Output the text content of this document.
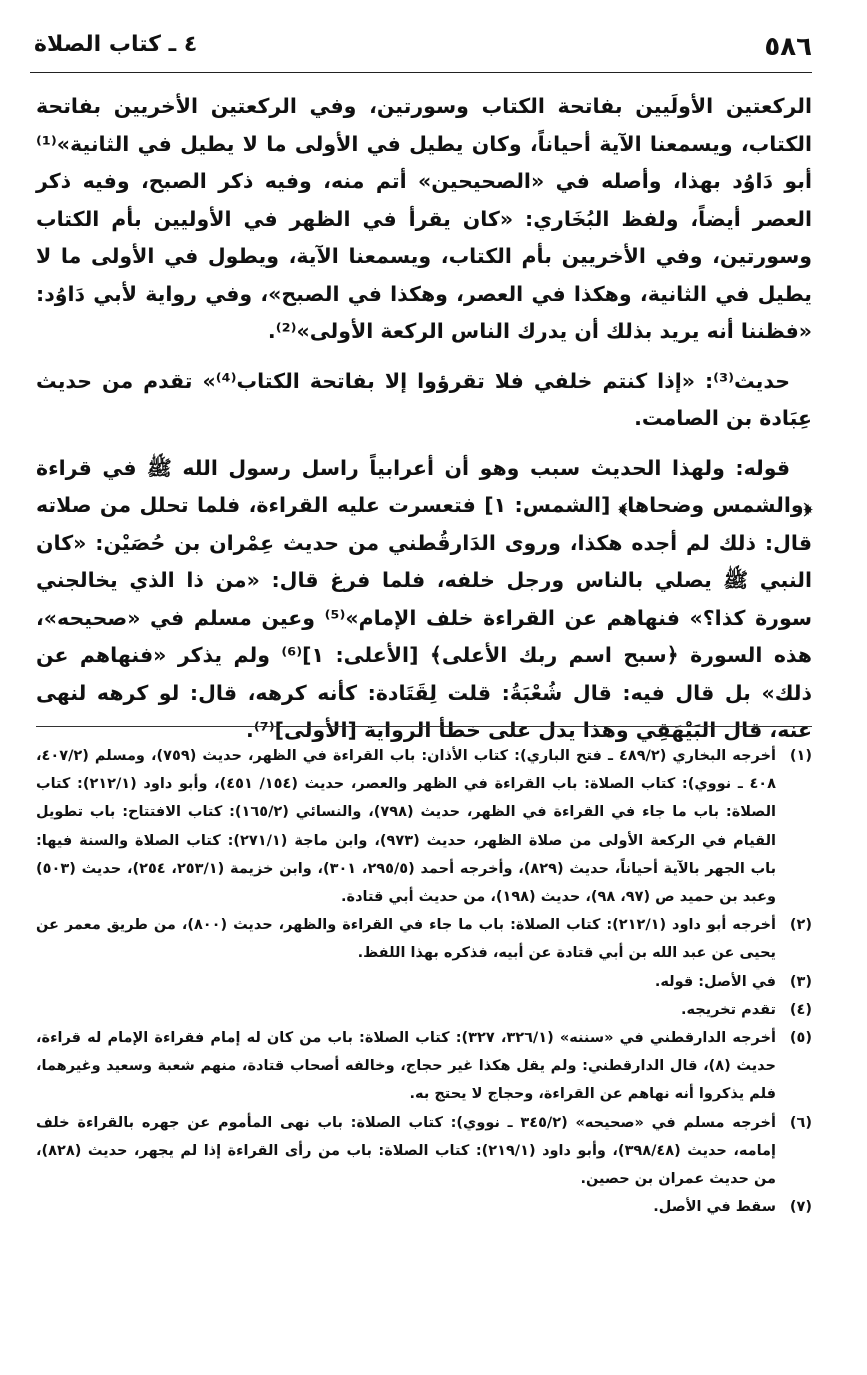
٥٨٦
٤ ـ كتاب الصلاة

الركعتين الأولَيين بفاتحة الكتاب وسورتين، وفي الركعتين الأخريين بفاتحة الكتاب، ويسمعنا الآية أحياناً، وكان يطيل في الأولى ما لا يطيل في الثانية»⁽¹⁾ أبو دَاوُد بهذا، وأصله في «الصحيحين» أتم منه، وفيه ذكر الصبح، وفيه ذكر العصر أيضاً، ولفظ البُخَاري: «كان يقرأ في الظهر في الأوليين بأم الكتاب وسورتين، وفي الأخريين بأم الكتاب، ويسمعنا الآية، ويطول في الأولى ما لا يطيل في الثانية، وهكذا في العصر، وهكذا في الصبح»، وفي رواية لأبي دَاوُد: «فظننا أنه يريد بذلك أن يدرك الناس الركعة الأولى»⁽²⁾.

حديث⁽³⁾: «إذا كنتم خلفي فلا تقرؤوا إلا بفاتحة الكتاب⁽⁴⁾» تقدم من حديث عِبَادة بن الصامت.

قوله: ولهذا الحديث سبب وهو أن أعرابياً راسل رسول الله ﷺ في قراءة ﴿والشمس وضحاها﴾ [الشمس: ١] فتعسرت عليه القراءة، فلما تحلل من صلاته قال: ذلك لم أجده هكذا، وروى الدَارقُطني من حديث عِمْران بن حُصَيْن: «كان النبي ﷺ يصلي بالناس ورجل خلفه، فلما فرغ قال: «من ذا الذي يخالجني سورة كذا؟» فنهاهم عن القراءة خلف الإمام»⁽⁵⁾ وعين مسلم في «صحيحه»، هذه السورة ﴿سبح اسم ربك الأعلى﴾ [الأعلى: ١]⁽⁶⁾ ولم يذكر «فنهاهم عن ذلك» بل قال فيه: قال شُعْبَةُ: قلت لِقَتَادة: كأنه كرهه، قال: لو كرهه لنهى عنه، قال البَيْهَقِي وهذا يدل على خطأ الرواية [الأولى]⁽⁷⁾.

(١)
أخرجه البخاري (٤٨٩/٢ ـ فتح الباري): كتاب الأذان: باب القراءة في الظهر، حديث (٧٥٩)، ومسلم (٤٠٧/٢، ٤٠٨ ـ نووي): كتاب الصلاة: باب القراءة في الظهر والعصر، حديث (١٥٤/ ٤٥١)، وأبو داود (٢١٢/١): كتاب الصلاة: باب ما جاء في القراءة في الظهر، حديث (٧٩٨)، والنسائي (١٦٥/٢): كتاب الافتتاح: باب تطويل القيام في الركعة الأولى من صلاة الظهر، حديث (٩٧٣)، وابن ماجة (٢٧١/١): كتاب الصلاة والسنة فيها: باب الجهر بالآية أحياناً، حديث (٨٢٩)، وأخرجه أحمد (٢٩٥/٥، ٣٠١)، وابن خزيمة (٢٥٣/١، ٢٥٤)، حديث (٥٠٣) وعبد بن حميد ص (٩٧، ٩٨)، حديث (١٩٨)، من حديث أبي قتادة.
(٢)
أخرجه أبو داود (٢١٢/١): كتاب الصلاة: باب ما جاء في القراءة والظهر، حديث (٨٠٠)، من طريق معمر عن يحيى عن عبد الله بن أبي قتادة عن أبيه، فذكره بهذا اللفظ.
(٣)
في الأصل: قوله.
(٤)
تقدم تخريجه.
(٥)
أخرجه الدارقطني في «سننه» (٣٢٦/١، ٣٢٧): كتاب الصلاة: باب من كان له إمام فقراءة الإمام له قراءة، حديث (٨)، قال الدارقطني: ولم يقل هكذا غير حجاج، وخالفه أصحاب قتادة، منهم شعبة وسعيد وغيرهما، فلم يذكروا أنه نهاهم عن القراءة، وحجاج لا يحتج به.
(٦)
أخرجه مسلم في «صحيحه» (٣٤٥/٢ ـ نووي): كتاب الصلاة: باب نهى المأموم عن جهره بالقراءة خلف إمامه، حديث (٣٩٨/٤٨)، وأبو داود (٢١٩/١): كتاب الصلاة: باب من رأى القراءة إذا لم يجهر، حديث (٨٢٨)، من حديث عمران بن حصين.
(٧)
سقط في الأصل.
